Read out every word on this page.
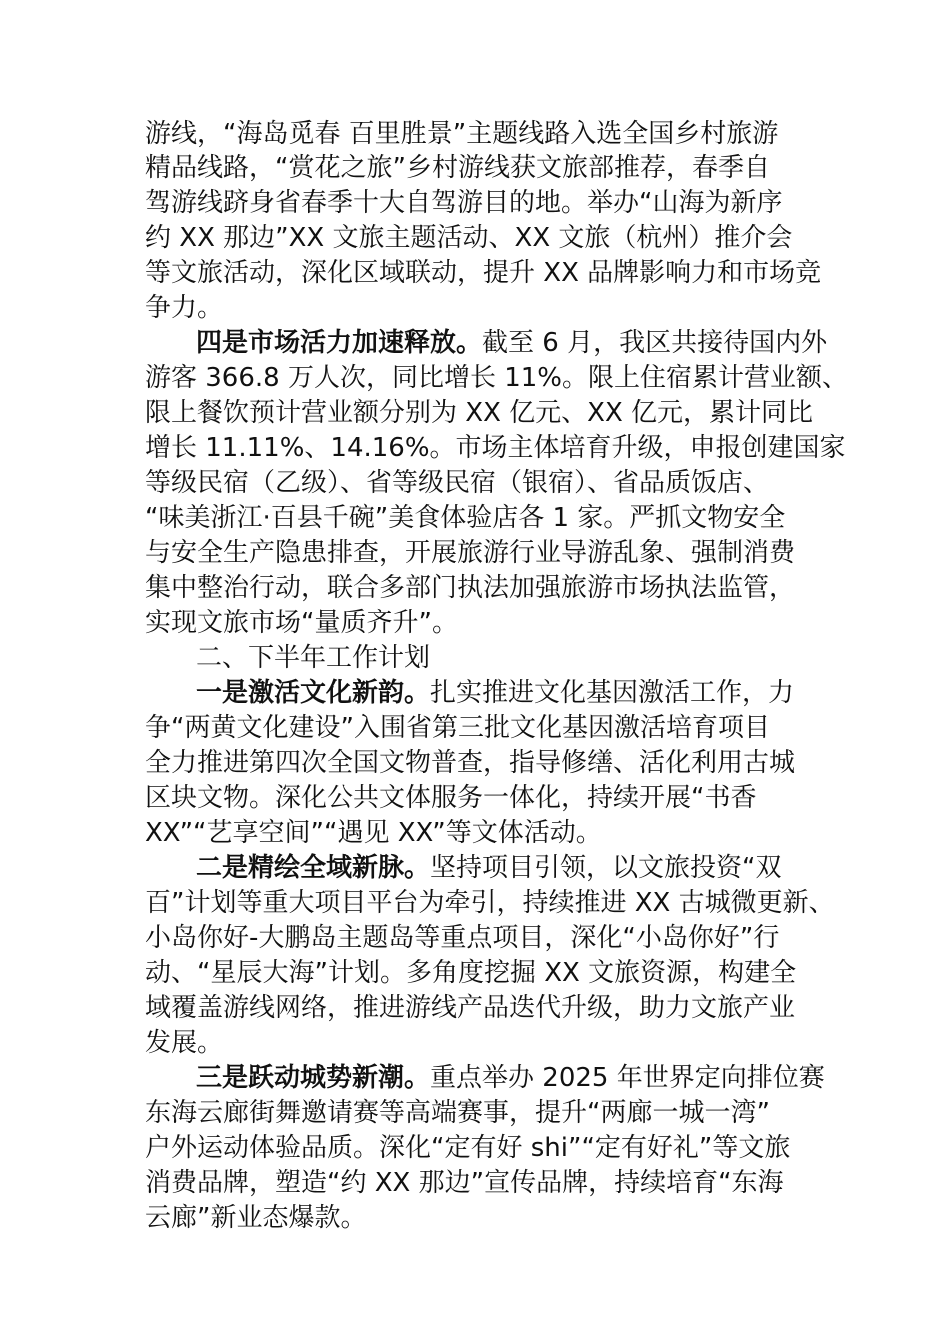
游线，“海岛觅春 百里胜景”主题线路入选全国乡村旅游
精品线路，“赏花之旅”乡村游线获文旅部推荐，春季自
驾游线跻身省春季十大自驾游目的地。举办“山海为新序
约 XX 那边”XX 文旅主题活动、XX 文旅（杭州）推介会
等文旅活动，深化区域联动，提升 XX 品牌影响力和市场竞
争力。
四是市场活力加速释放。截至 6 月，我区共接待国内外
游客 366.8 万人次，同比增长 11%。限上住宿累计营业额、
限上餐饮预计营业额分别为 XX 亿元、XX 亿元，累计同比
增长 11.11%、14.16%。市场主体培育升级，申报创建国家
等级民宿（乙级）、省等级民宿（银宿）、省品质饭店、
“味美浙江·百县千碗”美食体验店各 1 家。严抓文物安全
与安全生产隐患排查，开展旅游行业导游乱象、强制消费
集中整治行动，联合多部门执法加强旅游市场执法监管，
实现文旅市场“量质齐升”。
二、下半年工作计划
一是激活文化新韵。扎实推进文化基因激活工作，力
争“两黄文化建设”入围省第三批文化基因激活培育项目
全力推进第四次全国文物普查，指导修缮、活化利用古城
区块文物。深化公共文体服务一体化，持续开展“书香
XX”“艺享空间”“遇见 XX”等文体活动。
二是精绘全域新脉。坚持项目引领，以文旅投资“双
百”计划等重大项目平台为牵引，持续推进 XX 古城微更新、
小岛你好-大鹏岛主题岛等重点项目，深化“小岛你好”行
动、“星辰大海”计划。多角度挖掘 XX 文旅资源，构建全
域覆盖游线网络，推进游线产品迭代升级，助力文旅产业
发展。
三是跃动城势新潮。重点举办 2025 年世界定向排位赛
东海云廊街舞邀请赛等高端赛事，提升“两廊一城一湾”
户外运动体验品质。深化“定有好 shi”“定有好礼”等文旅
消费品牌，塑造“约 XX 那边”宣传品牌，持续培育“东海
云廊”新业态爆款。
